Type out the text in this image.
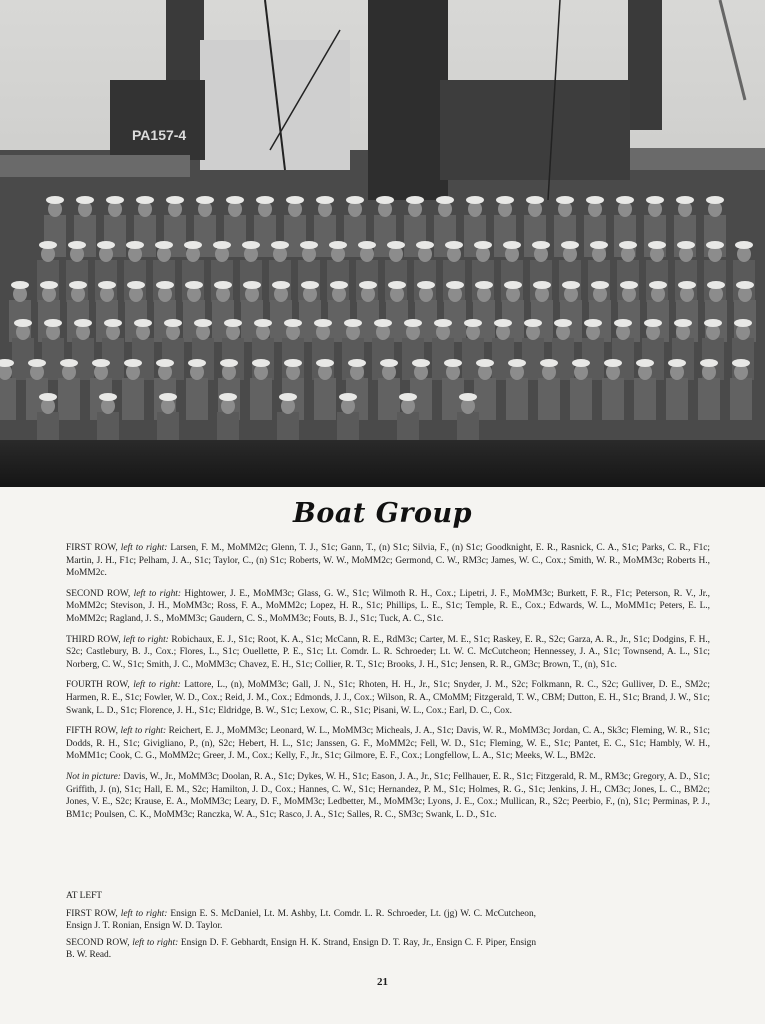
PA157-4
Boat Group

FIRST ROW, left to right: Larsen, F. M., MoMM2c; Glenn, T. J., S1c; Gann, T., (n) S1c; Silvia, F., (n) S1c; Goodknight, E. R., Rasnick, C. A., S1c; Parks, C. R., F1c; Martin, J. H., F1c; Pelham, J. A., S1c; Taylor, C., (n) S1c; Roberts, W. W., MoMM2c; Germond, C. W., RM3c; James, W. C., Cox.; Smith, W. R., MoMM3c; Roberts H., MoMM2c.

SECOND ROW, left to right: Hightower, J. E., MoMM3c; Glass, G. W., S1c; Wilmoth R. H., Cox.; Lipetri, J. F., MoMM3c; Burkett, F. R., F1c; Peterson, R. V., Jr., MoMM2c; Stevison, J. H., MoMM3c; Ross, F. A., MoMM2c; Lopez, H. R., S1c; Phillips, L. E., S1c; Temple, R. E., Cox.; Edwards, W. L., MoMM1c; Peters, E. L., MoMM2c; Ragland, J. S., MoMM3c; Gaudern, C. S., MoMM3c; Fouts, B. J., S1c; Tuck, A. C., S1c.

THIRD ROW, left to right: Robichaux, E. J., S1c; Root, K. A., S1c; McCann, R. E., RdM3c; Carter, M. E., S1c; Raskey, E. R., S2c; Garza, A. R., Jr., S1c; Dodgins, F. H., S2c; Castlebury, B. J., Cox.; Flores, L., S1c; Ouellette, P. E., S1c; Lt. Comdr. L. R. Schroeder; Lt. W. C. McCutcheon; Hennessey, J. A., S1c; Townsend, A. L., S1c; Norberg, C. W., S1c; Smith, J. C., MoMM3c; Chavez, E. H., S1c; Collier, R. T., S1c; Brooks, J. H., S1c; Jensen, R. R., GM3c; Brown, T., (n), S1c.

FOURTH ROW, left to right: Lattore, L., (n), MoMM3c; Gall, J. N., S1c; Rhoten, H. H., Jr., S1c; Snyder, J. M., S2c; Folkmann, R. C., S2c; Gulliver, D. E., SM2c; Harmen, R. E., S1c; Fowler, W. D., Cox.; Reid, J. M., Cox.; Edmonds, J. J., Cox.; Wilson, R. A., CMoMM; Fitzgerald, T. W., CBM; Dutton, E. H., S1c; Brand, J. W., S1c; Swank, L. D., S1c; Florence, J. H., S1c; Eldridge, B. W., S1c; Lexow, C. R., S1c; Pisani, W. L., Cox.; Earl, D. C., Cox.

FIFTH ROW, left to right: Reichert, E. J., MoMM3c; Leonard, W. L., MoMM3c; Micheals, J. A., S1c; Davis, W. R., MoMM3c; Jordan, C. A., Sk3c; Fleming, W. R., S1c; Dodds, R. H., S1c; Givigliano, P., (n), S2c; Hebert, H. L., S1c; Janssen, G. F., MoMM2c; Fell, W. D., S1c; Fleming, W. E., S1c; Pantet, E. C., S1c; Hambly, W. H., MoMM1c; Cook, C. G., MoMM2c; Greer, J. M., Cox.; Kelly, F., Jr., S1c; Gilmore, E. F., Cox.; Longfellow, L. A., S1c; Meeks, W. L., BM2c.

Not in picture: Davis, W., Jr., MoMM3c; Doolan, R. A., S1c; Dykes, W. H., S1c; Eason, J. A., Jr., S1c; Fellhauer, E. R., S1c; Fitzgerald, R. M., RM3c; Gregory, A. D., S1c; Griffith, J. (n), S1c; Hall, E. M., S2c; Hamilton, J. D., Cox.; Hannes, C. W., S1c; Hernandez, P. M., S1c; Holmes, R. G., S1c; Jenkins, J. H., CM3c; Jones, L. C., BM2c; Jones, V. E., S2c; Krause, E. A., MoMM3c; Leary, D. F., MoMM3c; Ledbetter, M., MoMM3c; Lyons, J. E., Cox.; Mullican, R., S2c; Peerbio, F., (n), S1c; Perminas, P. J., BM1c; Poulsen, C. K., MoMM3c; Ranczka, W. A., S1c; Rasco, J. A., S1c; Salles, R. C., SM3c; Swank, L. D., S1c.

AT LEFT

FIRST ROW, left to right: Ensign E. S. McDaniel, Lt. M. Ashby, Lt. Comdr. L. R. Schroeder, Lt. (jg) W. C. McCutcheon, Ensign J. T. Ronian, Ensign W. D. Taylor.

SECOND ROW, left to right: Ensign D. F. Gebhardt, Ensign H. K. Strand, Ensign D. T. Ray, Jr., Ensign C. F. Piper, Ensign B. W. Read.

21
